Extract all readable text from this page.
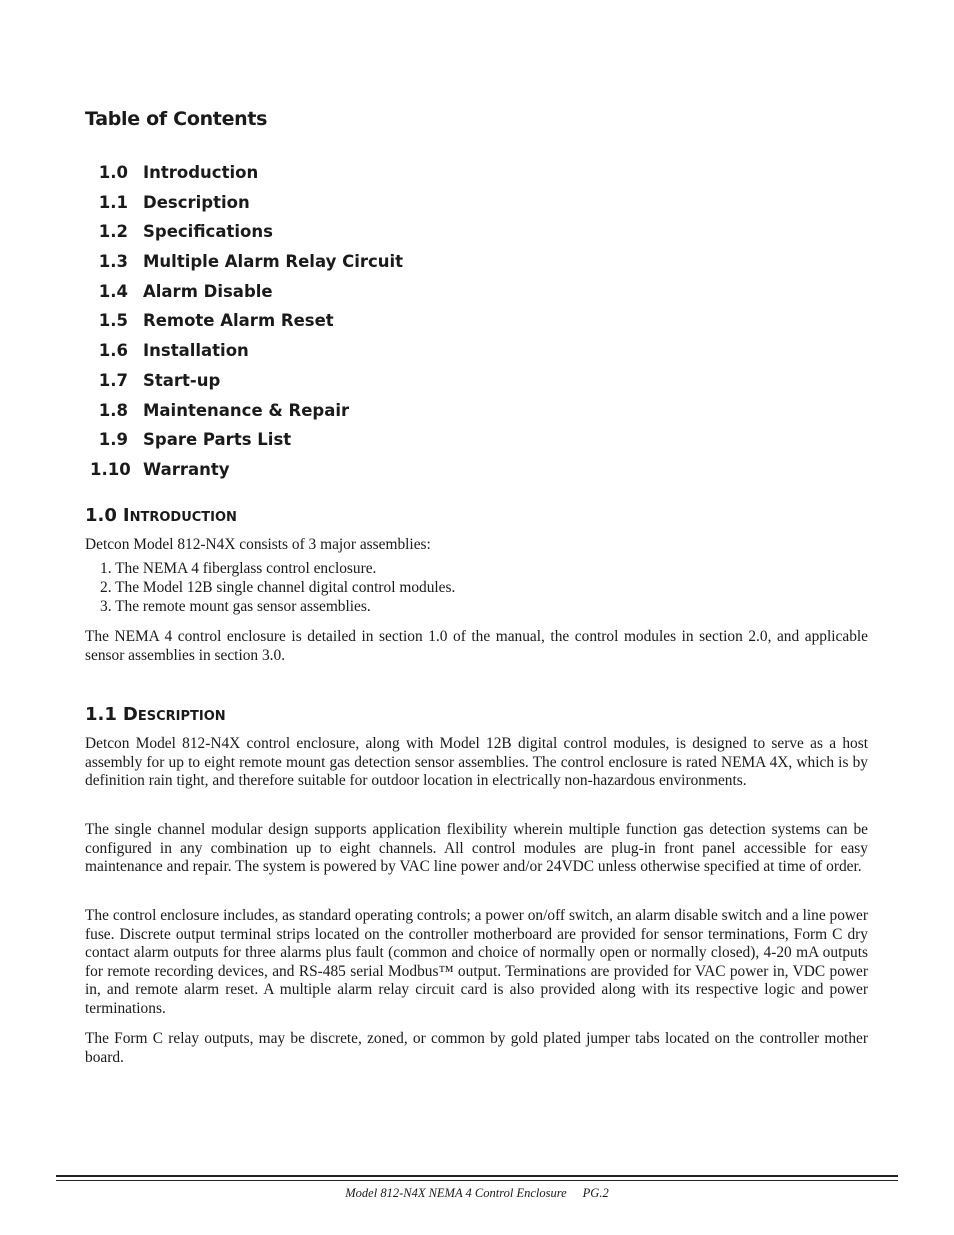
Table of Contents
1.0 Introduction
1.1 Description
1.2 Specifications
1.3 Multiple Alarm Relay Circuit
1.4 Alarm Disable
1.5 Remote Alarm Reset
1.6 Installation
1.7 Start-up
1.8 Maintenance & Repair
1.9 Spare Parts List
1.10 Warranty
1.0 Introduction

Detcon Model 812-N4X consists of 3 major assemblies:

1. The NEMA 4 fiberglass control enclosure.
2. The Model 12B single channel digital control modules.
3. The remote mount gas sensor assemblies.

The NEMA 4 control enclosure is detailed in section 1.0 of the manual, the control modules in section 2.0, and applicable sensor assemblies in section 3.0.

1.1 Description

Detcon Model 812-N4X control enclosure, along with Model 12B digital control modules, is designed to serve as a host assembly for up to eight remote mount gas detection sensor assemblies. The control enclosure is rated NEMA 4X, which is by definition rain tight, and therefore suitable for outdoor location in electrically non-hazardous environments.

The single channel modular design supports application flexibility wherein multiple function gas detection systems can be configured in any combination up to eight channels. All control modules are plug-in front panel accessible for easy maintenance and repair. The system is powered by VAC line power and/or 24VDC unless otherwise specified at time of order.

The control enclosure includes, as standard operating controls; a power on/off switch, an alarm disable switch and a line power fuse. Discrete output terminal strips located on the controller motherboard are provided for sensor terminations, Form C dry contact alarm outputs for three alarms plus fault (common and choice of normally open or normally closed), 4-20 mA outputs for remote recording devices, and RS-485 serial Modbus™ output. Terminations are provided for VAC power in, VDC power in, and remote alarm reset. A multiple alarm relay circuit card is also provided along with its respective logic and power terminations.

The Form C relay outputs, may be discrete, zoned, or common by gold plated jumper tabs located on the controller mother board.

Model 812-N4X NEMA 4 Control Enclosure PG.2
